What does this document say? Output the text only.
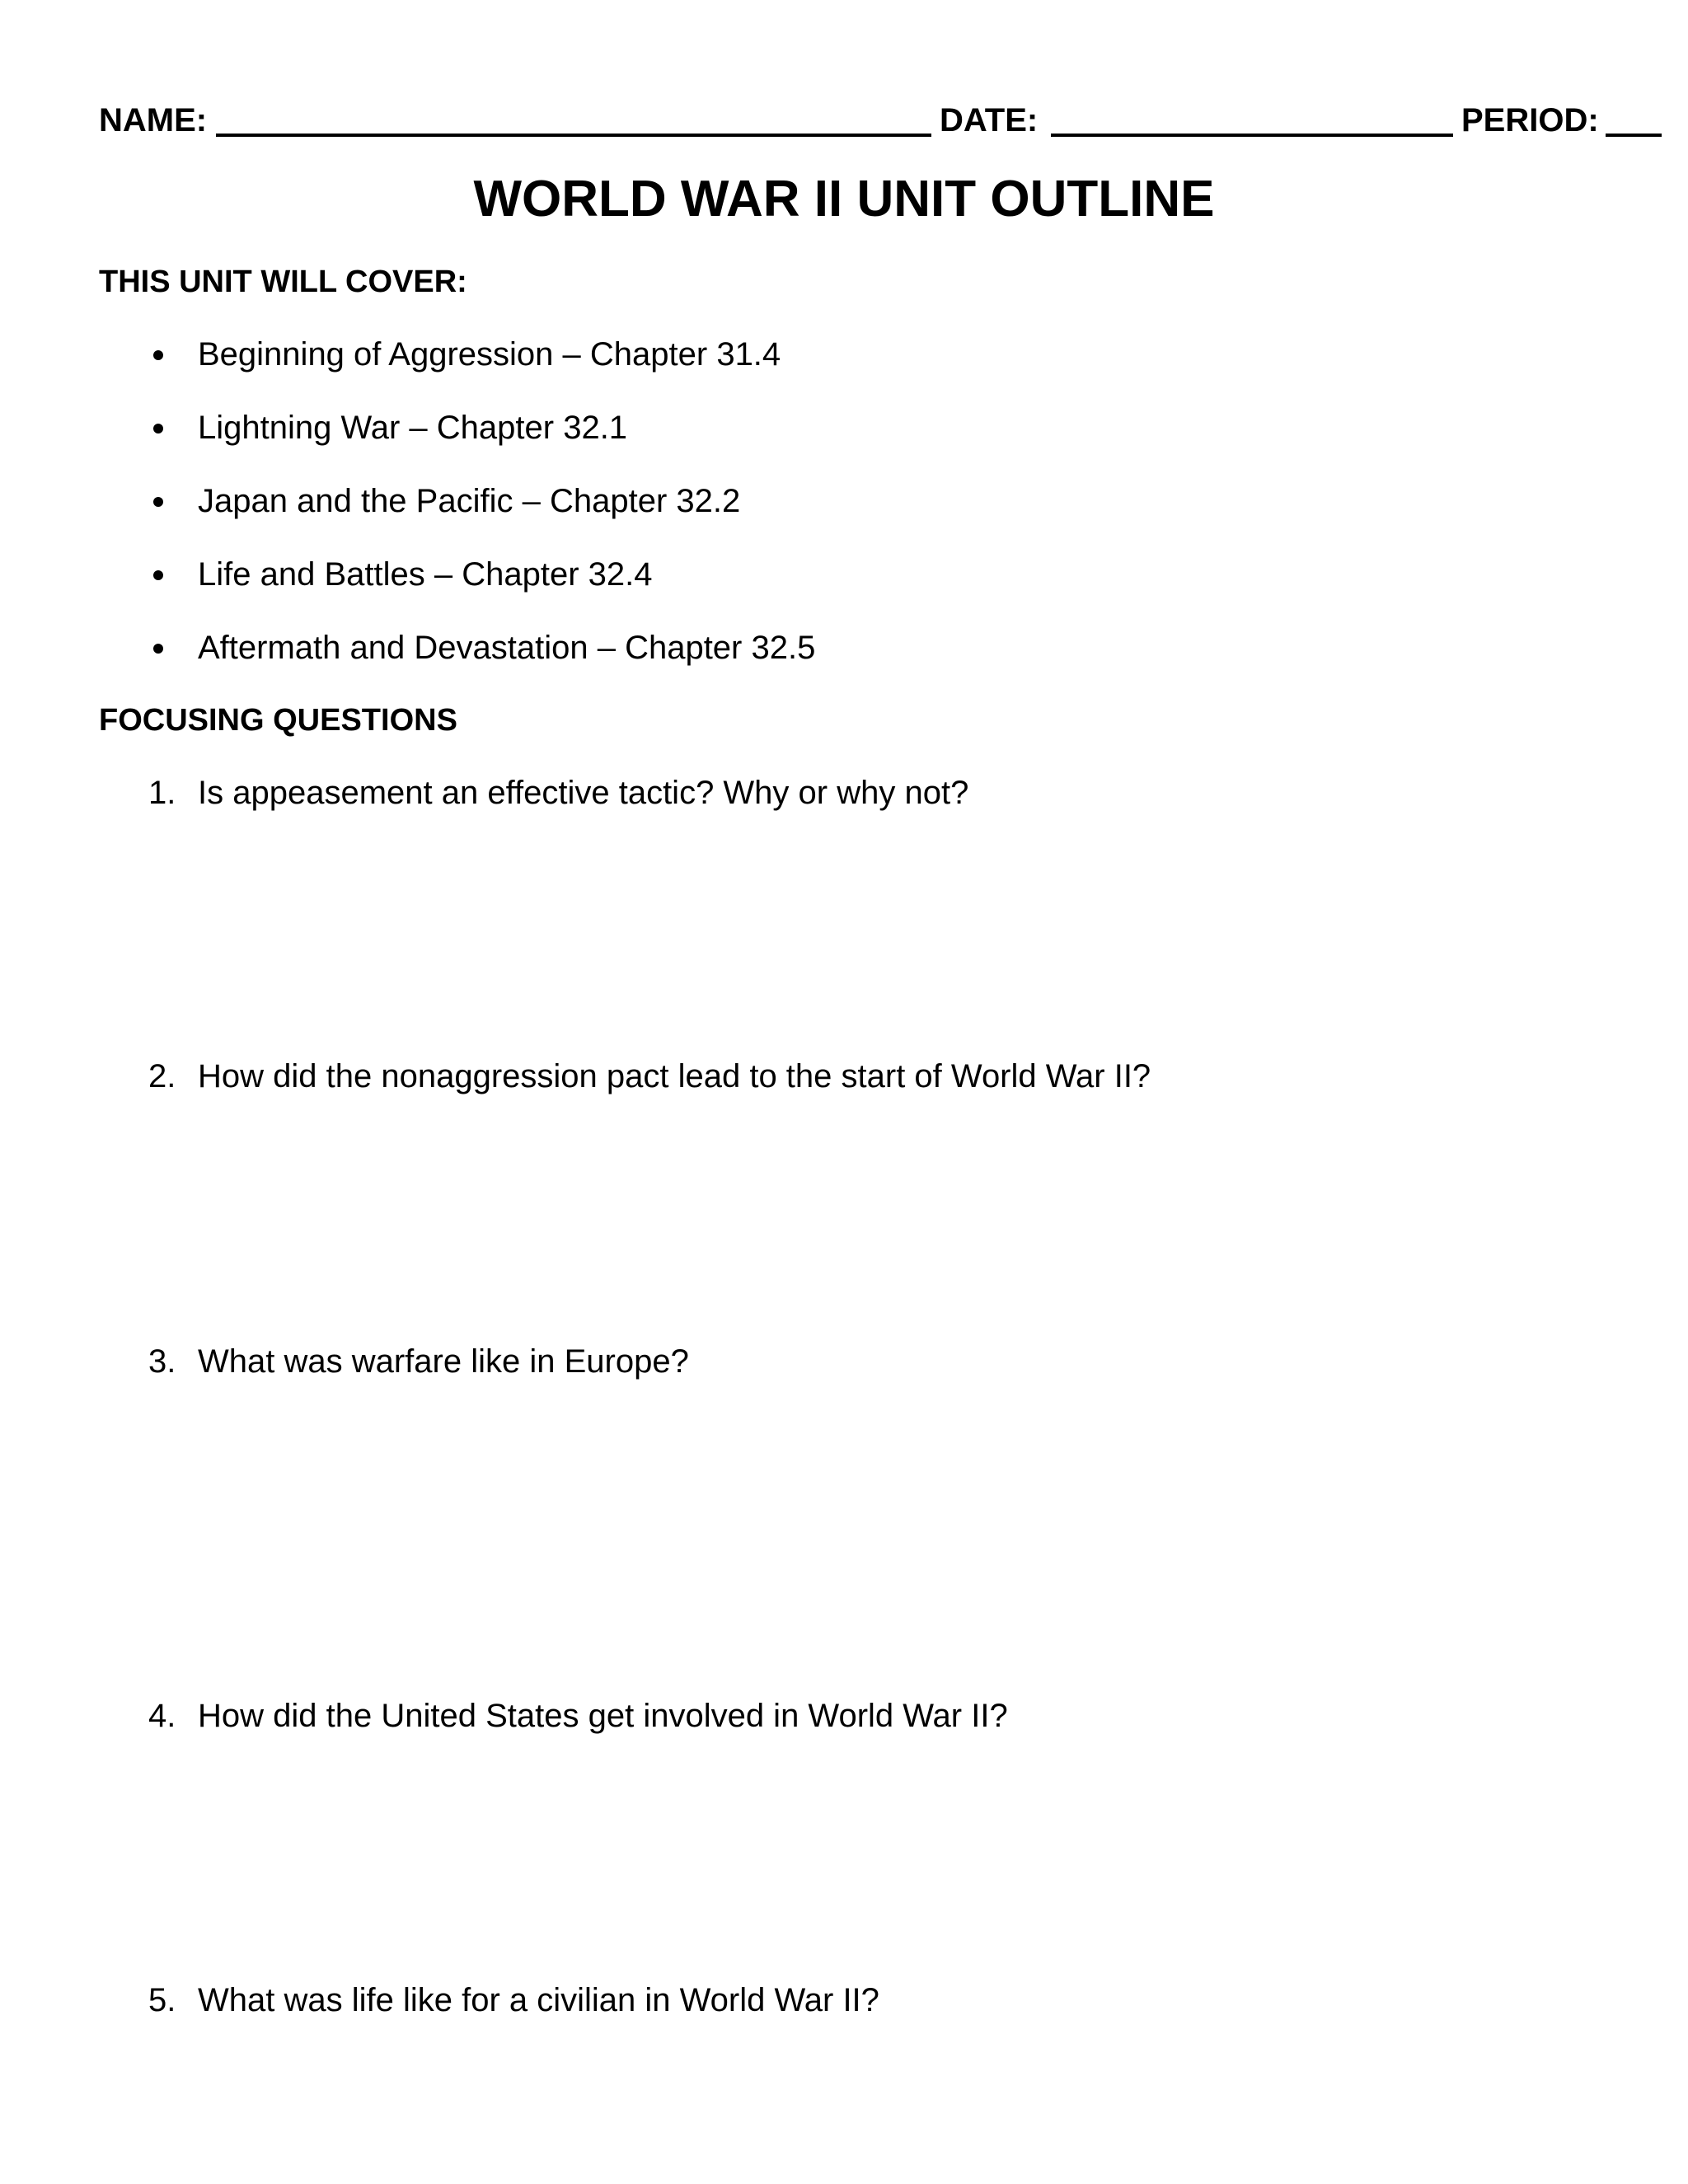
NAME:	DATE:	PERIOD:
WORLD WAR II UNIT OUTLINE
THIS UNIT WILL COVER:
Beginning of Aggression – Chapter 31.4
Lightning War – Chapter 32.1
Japan and the Pacific – Chapter 32.2
Life and Battles – Chapter 32.4
Aftermath and Devastation – Chapter 32.5
FOCUSING QUESTIONS
1. Is appeasement an effective tactic? Why or why not?
2. How did the nonaggression pact lead to the start of World War II?
3. What was warfare like in Europe?
4. How did the United States get involved in World War II?
5. What was life like for a civilian in World War II?
